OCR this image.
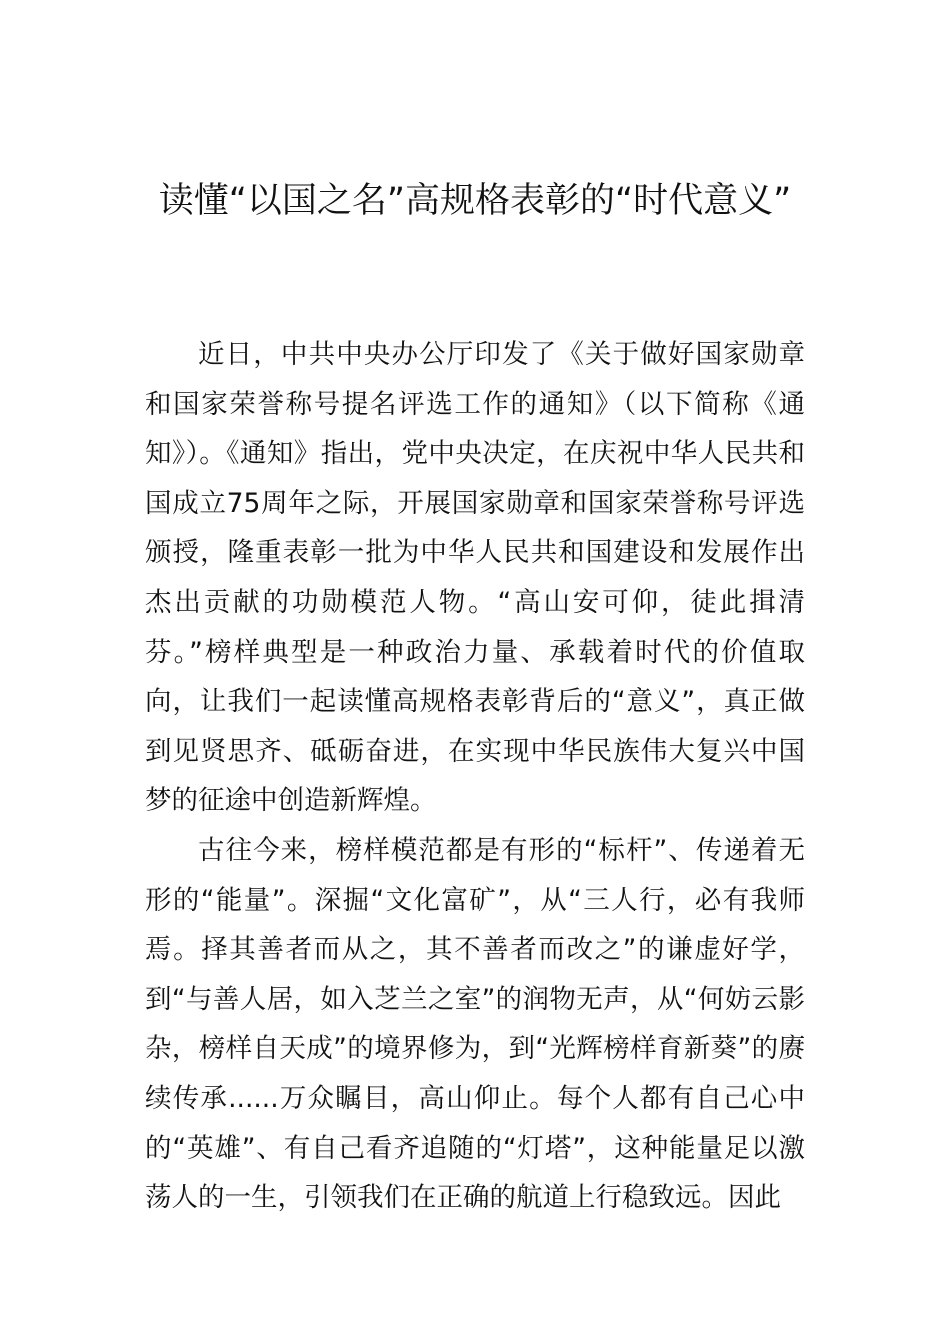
读懂“以国之名”高规格表彰的“时代意义”

近日，中共中央办公厅印发了《关于做好国家勋章和国家荣誉称号提名评选工作的通知》（以下简称《通知》）。《通知》指出，党中央决定，在庆祝中华人民共和国成立75周年之际，开展国家勋章和国家荣誉称号评选颁授，隆重表彰一批为中华人民共和国建设和发展作出杰出贡献的功勋模范人物。“高山安可仰，徒此揖清芬。”榜样典型是一种政治力量、承载着时代的价值取向，让我们一起读懂高规格表彰背后的“意义”，真正做到见贤思齐、砥砺奋进，在实现中华民族伟大复兴中国梦的征途中创造新辉煌。

古往今来，榜样模范都是有形的“标杆”、传递着无形的“能量”。深掘“文化富矿”，从“三人行，必有我师焉。择其善者而从之，其不善者而改之”的谦虚好学，到“与善人居，如入芝兰之室”的润物无声，从“何妨云影杂，榜样自天成”的境界修为，到“光辉榜样育新葵”的赓续传承......万众瞩目，高山仰止。每个人都有自己心中的“英雄”、有自己看齐追随的“灯塔”，这种能量足以激荡人的一生，引领我们在正确的航道上行稳致远。因此
